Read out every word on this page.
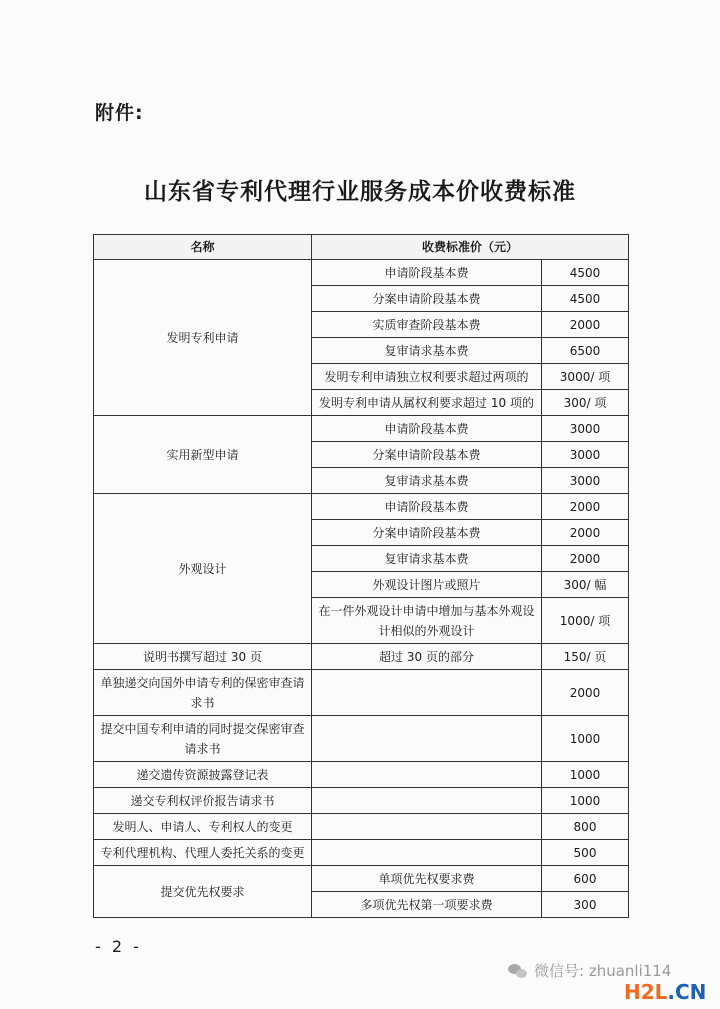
附件:
山东省专利代理行业服务成本价收费标准
名称	收费标准价（元）	
发明专利申请	申请阶段基本费	4500
	分案申请阶段基本费	4500
	实质审查阶段基本费	2000
	复审请求基本费	6500
	发明专利申请独立权利要求超过两项的	3000/ 项
	发明专利申请从属权利要求超过 10 项的	300/ 项
实用新型申请	申请阶段基本费	3000
	分案申请阶段基本费	3000
	复审请求基本费	3000
外观设计	申请阶段基本费	2000
	分案申请阶段基本费	2000
	复审请求基本费	2000
	外观设计图片或照片	300/ 幅
	在一件外观设计申请中增加与基本外观设计相似的外观设计	1000/ 项
说明书撰写超过 30 页	超过 30 页的部分	150/ 页
单独递交向国外申请专利的保密审查请求书		2000
提交中国专利申请的同时提交保密审查请求书		1000
递交遗传资源披露登记表		1000
递交专利权评价报告请求书		1000
发明人、申请人、专利权人的变更		800
专利代理机构、代理人委托关系的变更		500
提交优先权要求	单项优先权要求费	600
	多项优先权第一项要求费	300
- 2 -
微信号: zhuanli114
H2L.CN
